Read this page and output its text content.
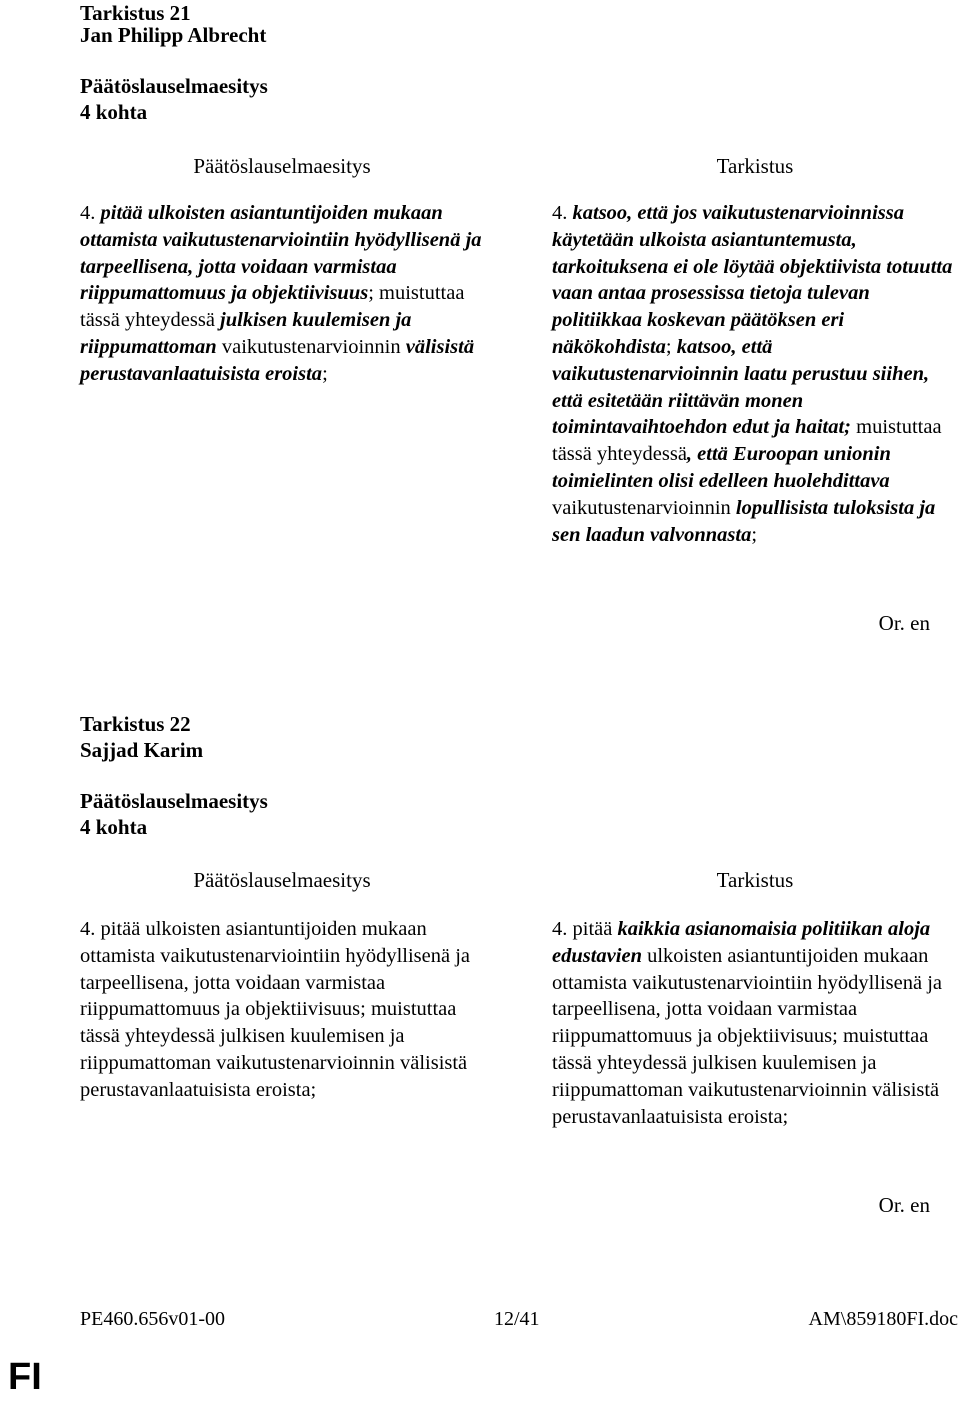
Tarkistus 21
Jan Philipp Albrecht
Päätöslauselmaesitys
4 kohta
Päätöslauselmaesitys	Tarkistus
4. pitää ulkoisten asiantuntijoiden mukaan ottamista vaikutustenarviointiin hyödyllisenä ja tarpeellisena, jotta voidaan varmistaa riippumattomuus ja objektiivisuus; muistuttaa tässä yhteydessä julkisen kuulemisen ja riippumattoman vaikutustenarvioinnin välisistä perustavanlaatuisista eroista;
4. katsoo, että jos vaikutustenarvioinnissa käytetään ulkoista asiantuntemusta, tarkoituksena ei ole löytää objektiivista totuutta vaan antaa prosessissa tietoja tulevan politiikkaa koskevan päätöksen eri näkökohdista; katsoo, että vaikutustenarvioinnin laatu perustuu siihen, että esitetään riittävän monen toimintavaihtoehdon edut ja haitat; muistuttaa tässä yhteydessä, että Euroopan unionin toimielinten olisi edelleen huolehdittava vaikutustenarvioinnin lopullisista tuloksista ja sen laadun valvonnasta;
Or. en
Tarkistus 22
Sajjad Karim
Päätöslauselmaesitys
4 kohta
Päätöslauselmaesitys	Tarkistus
4. pitää ulkoisten asiantuntijoiden mukaan ottamista vaikutustenarviointiin hyödyllisenä ja tarpeellisena, jotta voidaan varmistaa riippumattomuus ja objektiivisuus; muistuttaa tässä yhteydessä julkisen kuulemisen ja riippumattoman vaikutustenarvioinnin välisistä perustavanlaatuisista eroista;
4. pitää kaikkia asianomaisia politiikan aloja edustavien ulkoisten asiantuntijoiden mukaan ottamista vaikutustenarviointiin hyödyllisenä ja tarpeellisena, jotta voidaan varmistaa riippumattomuus ja objektiivisuus; muistuttaa tässä yhteydessä julkisen kuulemisen ja riippumattoman vaikutustenarvioinnin välisistä perustavanlaatuisista eroista;
Or. en
PE460.656v01-00	12/41	AM\859180FI.doc
FI
